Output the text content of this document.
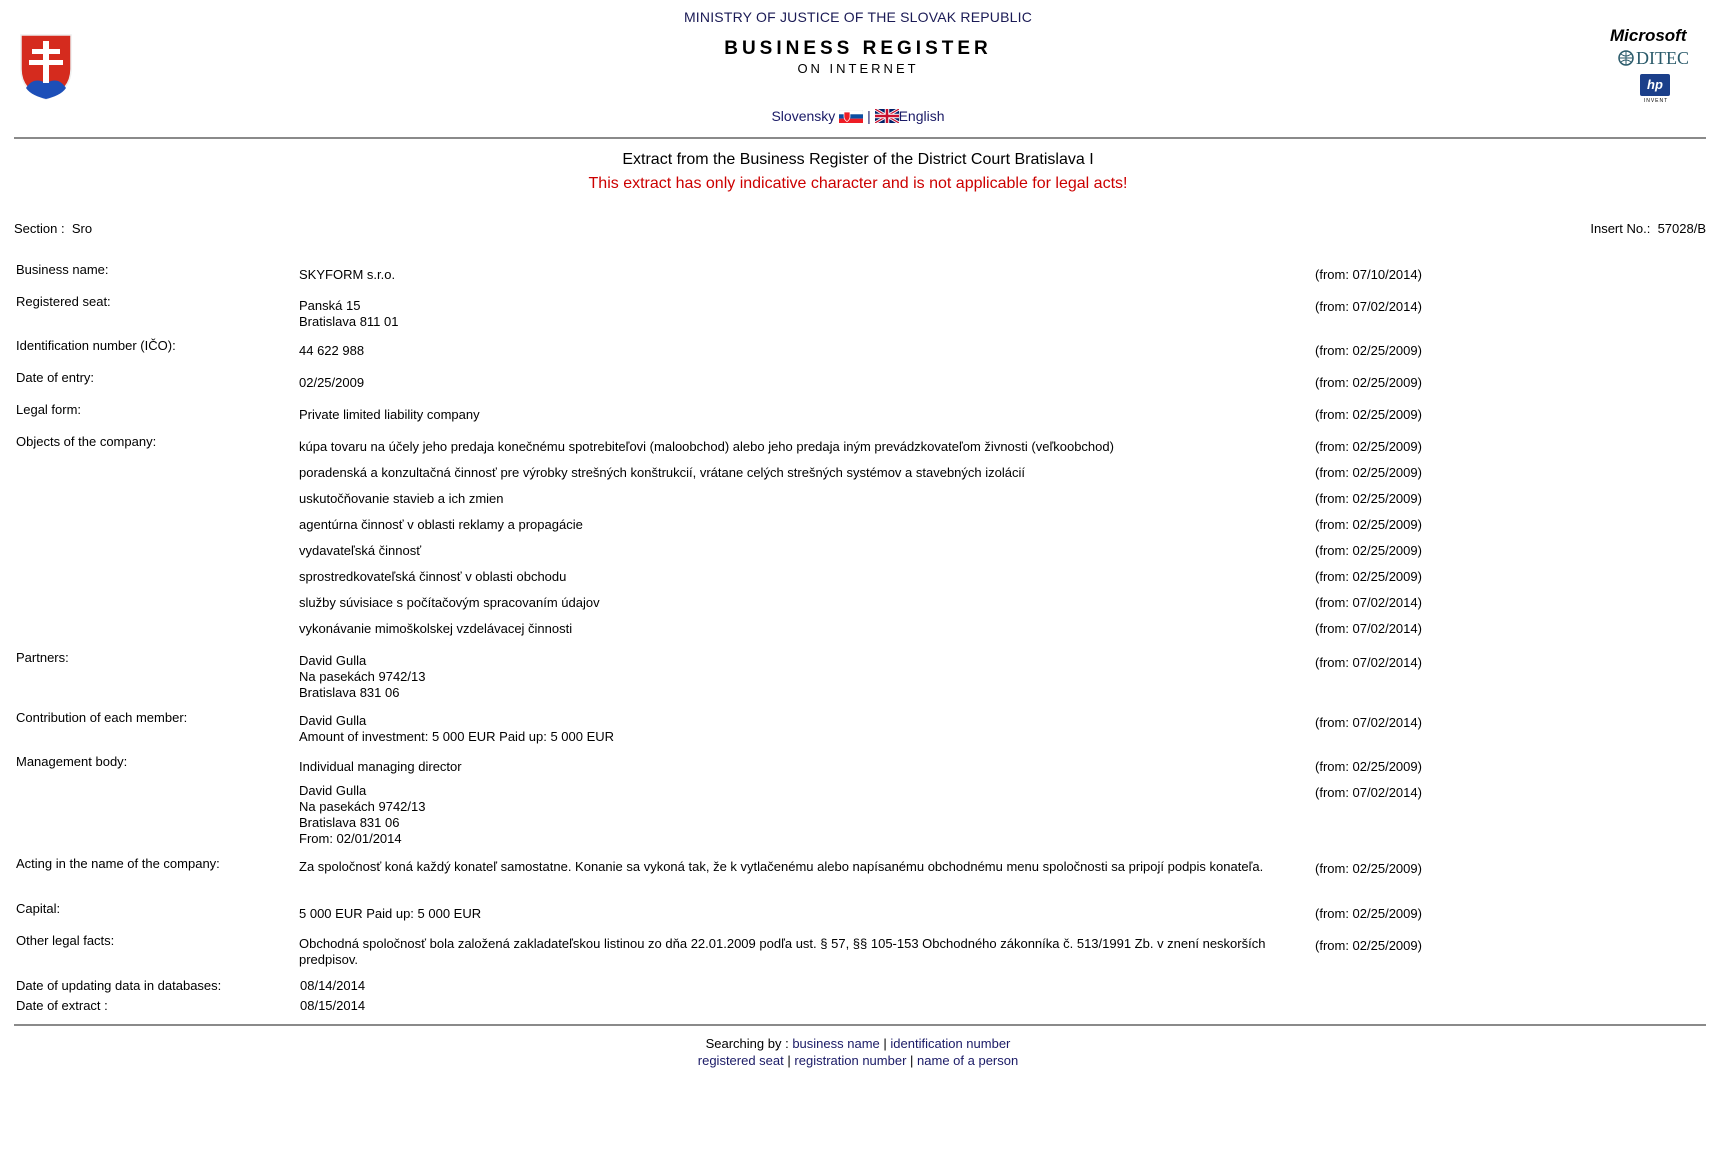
Microsoft
DITEC
hp
INVENT
MINISTRY OF JUSTICE OF THE SLOVAK REPUBLIC
BUSINESS REGISTER
ON INTERNET
Slovensky | English
Extract from the Business Register of the District Court Bratislava I
This extract has only indicative character and is not applicable for legal acts!
Section : Sro	Insert No.: 57028/B
Business name:	SKYFORM s.r.o.	(from: 07/10/2014)
Registered seat:	Panská 15
Bratislava 811 01
(from: 07/02/2014)
Identification number (IČO):	44 622 988	(from: 02/25/2009)
Date of entry:	02/25/2009	(from: 02/25/2009)
Legal form:	Private limited liability company	(from: 02/25/2009)
Objects of the company:	kúpa tovaru na účely jeho predaja konečnému spotrebiteľovi (maloobchod) alebo jeho predaja iným prevádzkovateľom živnosti (veľkoobchod)	(from: 02/25/2009)
poradenská a konzultačná činnosť pre výrobky strešných konštrukcií, vrátane celých strešných systémov a stavebných izolácií	(from: 02/25/2009)
uskutočňovanie stavieb a ich zmien	(from: 02/25/2009)
agentúrna činnosť v oblasti reklamy a propagácie	(from: 02/25/2009)
vydavateľská činnosť	(from: 02/25/2009)
sprostredkovateľská činnosť v oblasti obchodu	(from: 02/25/2009)
služby súvisiace s počítačovým spracovaním údajov	(from: 07/02/2014)
vykonávanie mimoškolskej vzdelávacej činnosti	(from: 07/02/2014)
Partners:	David Gulla
Na pasekách 9742/13
Bratislava 831 06
(from: 07/02/2014)
Contribution of each member:	David Gulla
Amount of investment: 5 000 EUR Paid up: 5 000 EUR
(from: 07/02/2014)
Management body:	Individual managing director	(from: 02/25/2009)
David Gulla
Na pasekách 9742/13
Bratislava 831 06
From: 02/01/2014
(from: 07/02/2014)
Acting in the name of the company:	Za spoločnosť koná každý konateľ samostatne. Konanie sa vykoná tak, že k vytlačenému alebo napísanému obchodnému menu spoločnosti sa pripojí podpis konateľa.	(from: 02/25/2009)
Capital:	5 000 EUR Paid up: 5 000 EUR	(from: 02/25/2009)
Other legal facts:	Obchodná spoločnosť bola založená zakladateľskou listinou zo dňa 22.01.2009 podľa ust. § 57, §§ 105-153 Obchodného zákonníka č. 513/1991 Zb. v znení neskorších predpisov.
(from: 02/25/2009)
Date of updating data in databases:	08/14/2014
Date of extract :	08/15/2014
Searching by : business name | identification number
registered seat | registration number | name of a person
